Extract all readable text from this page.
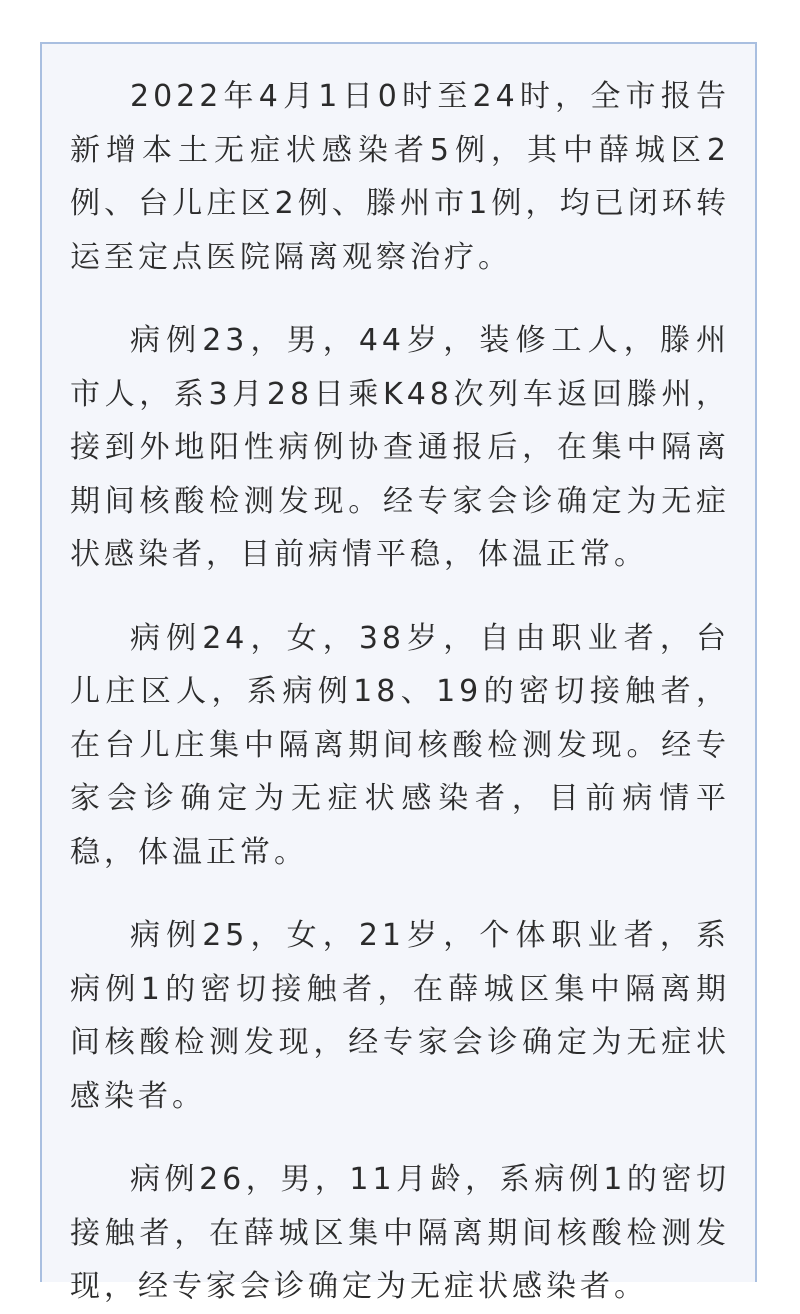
2022年4月1日0时至24时，全市报告新增本土无症状感染者5例，其中薛城区2例、台儿庄区2例、滕州市1例，均已闭环转运至定点医院隔离观察治疗。

病例23，男，44岁，装修工人，滕州市人，系3月28日乘K48次列车返回滕州，接到外地阳性病例协查通报后，在集中隔离期间核酸检测发现。经专家会诊确定为无症状感染者，目前病情平稳，体温正常。

病例24，女，38岁，自由职业者，台儿庄区人，系病例18、19的密切接触者，在台儿庄集中隔离期间核酸检测发现。经专家会诊确定为无症状感染者，目前病情平稳，体温正常。

病例25，女，21岁，个体职业者，系病例1的密切接触者，在薛城区集中隔离期间核酸检测发现，经专家会诊确定为无症状感染者。

病例26，男，11月龄，系病例1的密切接触者，在薛城区集中隔离期间核酸检测发现，经专家会诊确定为无症状感染者。
